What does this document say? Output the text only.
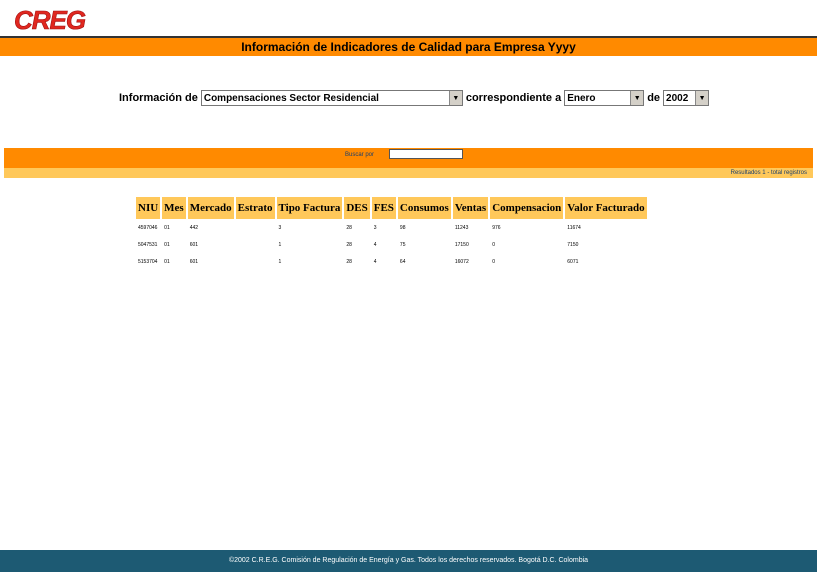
CREG
Información de Indicadores de Calidad para Empresa Yyyy
Información de Compensaciones Sector Residencial	▼ correspondiente a Enero	▼ de 2002	▼
Buscar por
Resultados 1 - total registros
NIU	Mes	Mercado	Estrato	Tipo Factura	DES	FES	Consumos	Ventas	Compensacion	Valor Facturado
4597046	01	442		3	28	3	98	11243	976	11674
5047531	01	601		1	28	4	75	17150	0	7150
5153704	01	601		1	28	4	64	16072	0	6071
©2002 C.R.E.G. Comisión de Regulación de Energía y Gas. Todos los derechos reservados. Bogotá D.C. Colombia
